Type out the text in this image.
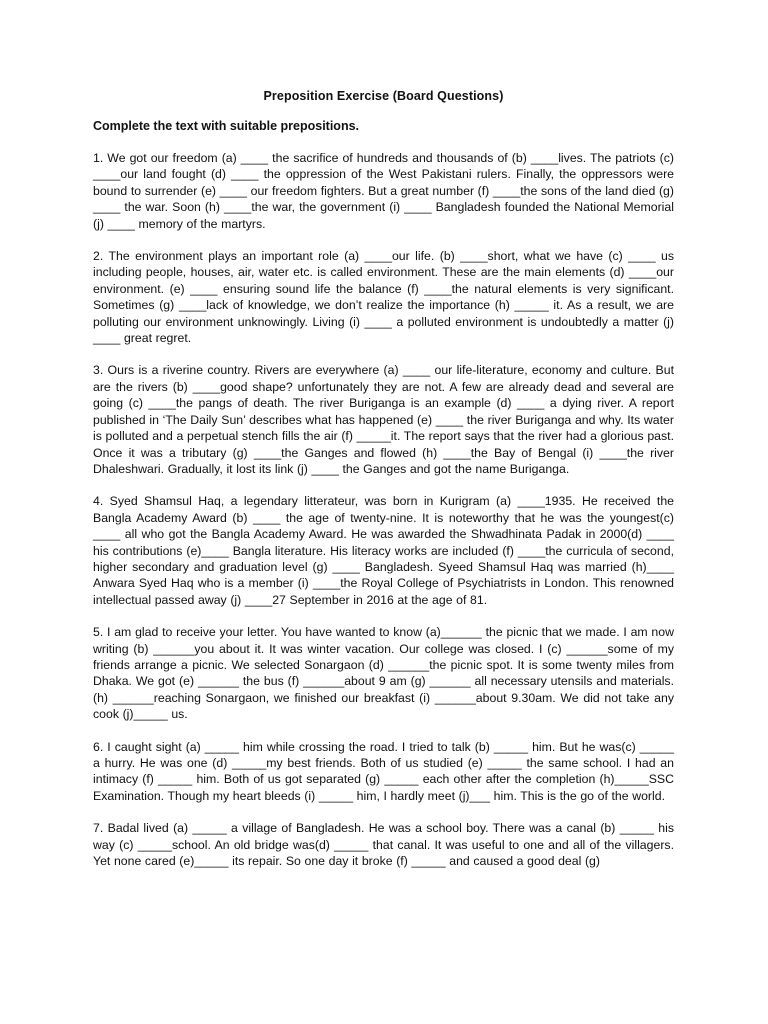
Preposition Exercise (Board Questions)
Complete the text with suitable prepositions.

1. We got our freedom (a) ____ the sacrifice of hundreds and thousands of (b) ____lives. The patriots (c) ____our land fought (d) ____ the oppression of the West Pakistani rulers. Finally, the oppressors were bound to surrender (e) ____ our freedom fighters. But a great number (f) ____the sons of the land died (g) ____ the war. Soon (h) ____the war, the government (i) ____ Bangladesh founded the National Memorial (j) ____ memory of the martyrs.

2. The environment plays an important role (a) ____our life. (b) ____short, what we have (c) ____ us including people, houses, air, water etc. is called environment. These are the main elements (d) ____our environment. (e) ____ ensuring sound life the balance (f) ____the natural elements is very significant. Sometimes (g) ____lack of knowledge, we don’t realize the importance (h) _____ it. As a result, we are polluting our environment unknowingly. Living (i) ____ a polluted environment is undoubtedly a matter (j) ____ great regret.

3. Ours is a riverine country. Rivers are everywhere (a) ____ our life-literature, economy and culture. But are the rivers (b) ____good shape? unfortunately they are not. A few are already dead and several are going (c) ____the pangs of death. The river Buriganga is an example (d) ____ a dying river. A report published in ‘The Daily Sun’ describes what has happened (e) ____ the river Buriganga and why. Its water is polluted and a perpetual stench fills the air (f) _____it. The report says that the river had a glorious past. Once it was a tributary (g) ____the Ganges and flowed (h) ____the Bay of Bengal (i) ____the river Dhaleshwari. Gradually, it lost its link (j) ____ the Ganges and got the name Buriganga.

4. Syed Shamsul Haq, a legendary litterateur, was born in Kurigram (a) ____1935. He received the Bangla Academy Award (b) ____ the age of twenty-nine. It is noteworthy that he was the youngest(c) ____ all who got the Bangla Academy Award. He was awarded the Shwadhinata Padak in 2000(d) ____ his contributions (e)____ Bangla literature. His literacy works are included (f) ____the curricula of second, higher secondary and graduation level (g) ____ Bangladesh. Syeed Shamsul Haq was married (h)____ Anwara Syed Haq who is a member (i) ____the Royal College of Psychiatrists in London. This renowned intellectual passed away (j) ____27 September in 2016 at the age of 81.

5. I am glad to receive your letter. You have wanted to know (a)______ the picnic that we made. I am now writing (b) ______you about it. It was winter vacation. Our college was closed. I (c) ______some of my friends arrange a picnic. We selected Sonargaon (d) ______the picnic spot. It is some twenty miles from Dhaka. We got (e) ______ the bus (f) ______about 9 am (g) ______ all necessary utensils and materials. (h) ______reaching Sonargaon, we finished our breakfast (i) ______about 9.30am. We did not take any cook (j)_____ us.

6. I caught sight (a) _____ him while crossing the road. I tried to talk (b) _____ him. But he was(c) _____ a hurry. He was one (d) _____my best friends. Both of us studied (e) _____ the same school. I had an intimacy (f) _____ him. Both of us got separated (g) _____ each other after the completion (h)_____SSC Examination. Though my heart bleeds (i) _____ him, I hardly meet (j)___ him. This is the go of the world.

7. Badal lived (a) _____ a village of Bangladesh. He was a school boy. There was a canal (b) _____ his way (c) _____school. An old bridge was(d) _____ that canal. It was useful to one and all of the villagers. Yet none cared (e)_____ its repair. So one day it broke (f) _____ and caused a good deal (g)
